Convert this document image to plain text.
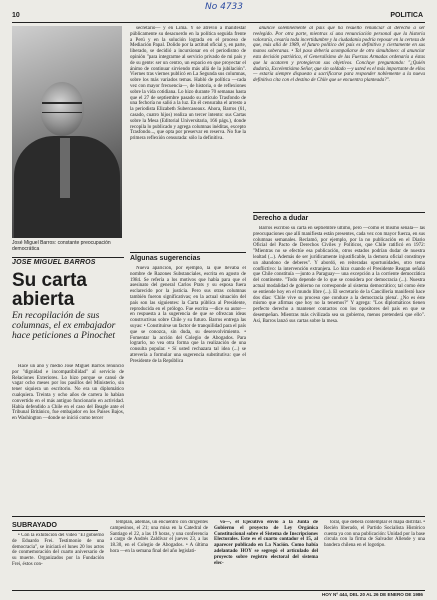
10
No 4733
POLITICA
José Miguel Barros: constante preocupación democrática
JOSE MIGUEL BARROS
Su carta
abierta
En recopilación de sus columnas, el ex embajador hace peticiones a Pinochet

Hace un año y medio José Miguel Barros renunció por "dignidad e incompatibilidad" al servicio de Relaciones Exteriores. Lo hizo porque se cansó de vagar ocho meses por los pasillos del Ministerio, sin tener siquiera un escritorio. No era un diplomático cualquiera. Treinta y ocho años de carrera lo habían convertido en el más antiguo funcionario en actividad. Había defendido a Chile en el caso del Beagle ante el Tribunal Británico, fue embajador en los Países Bajos, en Washington —donde se inició como tercer

secretario— y en Lima. Y se atrevió a manifestar públicamente su desacuerdo en la política seguida frente a Perú y en la solución lograda en el proceso de Mediación Papal. Dolido por la actitud oficial y, en parte, liberado, se decidió a incursionar en el periodismo de opinión "para integrarme al servicio privado de mi país y de su gente: ser un centro, un espacio en que proyectar el ánimo de continuar sirviendo más allá de la jubilación". Viernes tras viernes publicó en La Segunda sus columnas, sobre los más variados temas. Habló de política —cada vez con mayor frecuencia—, de historia, o de reflexiones sobre la vida cotidiana. Lo hizo durante 70 semanas hasta que el 27 de septiembre pasado su artículo Trasfondo de una fechoría no salió a la luz. En él censuraba el arresto a la periodista Elizabeth Subercaseaux. Ahora, Barros (61, casado, cuatro hijos) realiza un tercer intento: sus Cartas sobre la Mesa (Editorial Universitaria, 166 págs.), donde recopila lo publicado y agrega columnas inéditas, excepto Trasfondo..., que opta por preservar en reserva. No fue la primera reflexión censurada: sólo la definitiva.

Algunas sugerencias

Nueva aparición, por ejemplo, la que llevaba el nombre de Razones Substanciales, escrita en agosto de 1984. Se refería a los motivos que había para que el asesinato del general Carlos Prats y su esposa fuera esclarecido por la justicia. Pero sus otras columnas también fueron significativas; en la actual situación del país son las siguientes: la Carta pública al Presidente, reproducida en el prólogo. Fue escrita —dice su autor— en respuesta a la sugerencia de que se ofrezcan ideas constructivas sobre Chile y su futuro. Barros entrega las suyas: • Constituirse un factor de tranquilidad para el país que se conozca, sin duda, su desenvolvimiento. • Fomentar la acción del Colegio de Abogados. Para lograrlo, no vea otra forma que la realización de una consulta popular. • Sí usted rechazara tal idea (...) se atrevería a formular una sugerencia substitutiva: que el Presidente de la República

anuncie solemnemente al país que ha resuelto renunciar al derecho a ser reelegido. Por otra parte, mientras sí una renunciación personal que la historia valoraría, cesaría toda incertidumbre y la ciudadanía podría reposar en la certeza de que, más allá de 1989, el futuro político del país es definitivo y ciertamente en sus manos soberanas. • Tal paso debería acompañarse de otro simultáneo: al anunciar esta decisión patriótica, el Generalísimo de las Fuerzas Armadas ordenaría a éstas que la acataren y protegieran sus objetivos. Concluye preguntando: "¿Quién dudaría, Excelentísimo Señor, que sin soldado —y usted es el más importante de ellos— estaría siempre dispuesto a sacrificarse para responder noblemente a la nueva definitiva cita con el destino de Chile que se encuentra planteada?".

Derecho a dudar

Barros escribió su carta en septiembre último, pero —como él mismo señala— las preocupaciones que allí manifiesta están presentes, cada vez con mayor fuerza, en sus columnas semanales. Reclamó, por ejemplo, por la no publicación en el Diario Oficial del Pacto de Derechos Civiles y Políticos, que Chile ratificó en 1972: "Mientras no se efectúe esa publicación, otros estados podrían dudar de nuestra lealtad (...). Además de ser jurídicamente injustificable, la demora oficial constituye un abandono de deberes". Y abordó, en reiteradas oportunidades, otro tema conflictivo: la intervención extranjera. Lo hizo cuando el Presidente Reagan señaló que Chile constituía —junto a Paraguay— una excepción a la corriente democrática del continente. "Todo depende de lo que se considera por democracia (...). Nuestra actual modalidad de gobierno no corresponde al sistema democrático; tal como éste se entiende hoy en el mundo libre (...). El secretario de la Cancillería manifestó hace dos días: 'Chile vive su proceso que conduce a la democracia plena'. ¿No es éste mismo que afirmas que hoy no la tenemos?" Y agrega: "Los diplomáticos tienen perfecto derecho a mantener contactos con los opositores del país en que se desempeñan. Mientras más civilizada sea su gobierno, menos pretenderá que ello". Así, Barros lanzó sus cartas sobre la mesa.

SUBRAYADO

• Con la exhibición del video "El gobierno de Eduardo Frei. Testimonio de una democracia", se iniciará el lunes 20 los actos de conmemoración del cuarto aniversario de su muerte. Organizados por la Fundación Frei, éstos con-

templan, además, un encuentro con dirigentes campesinos, el 21; una misa en la Catedral de Santiago el 22, a las 19 horas, y una conferencia a cargo de Andrés Zaldívar el jueves 23, a las 18.30, en el Colegio de Abogados. • A última hora —en la semana final del año legislati-

vo—, el Ejecutivo envió a la Junta de Gobierno el proyecto de Ley Orgánica Constitucional sobre el Sistema de Inscripciones Electorales. Este es el cuarto contador el 15, al aparecer publicado en La Nación. Como había adelantado HOY se segregó el articulado del proyecto sobre registro electoral del sistema elec-

toral, que deberá contemplar el mapa distrital. • Recién liberado, el Partido Socialista Histórico cuenta ya con una publicación: Unidad por la base circula con la firma de Salvador Allende y una bandera chilena en el logotipo.

HOY Nº 444, DEL 20 AL 26 DE ENERO DE 1986
